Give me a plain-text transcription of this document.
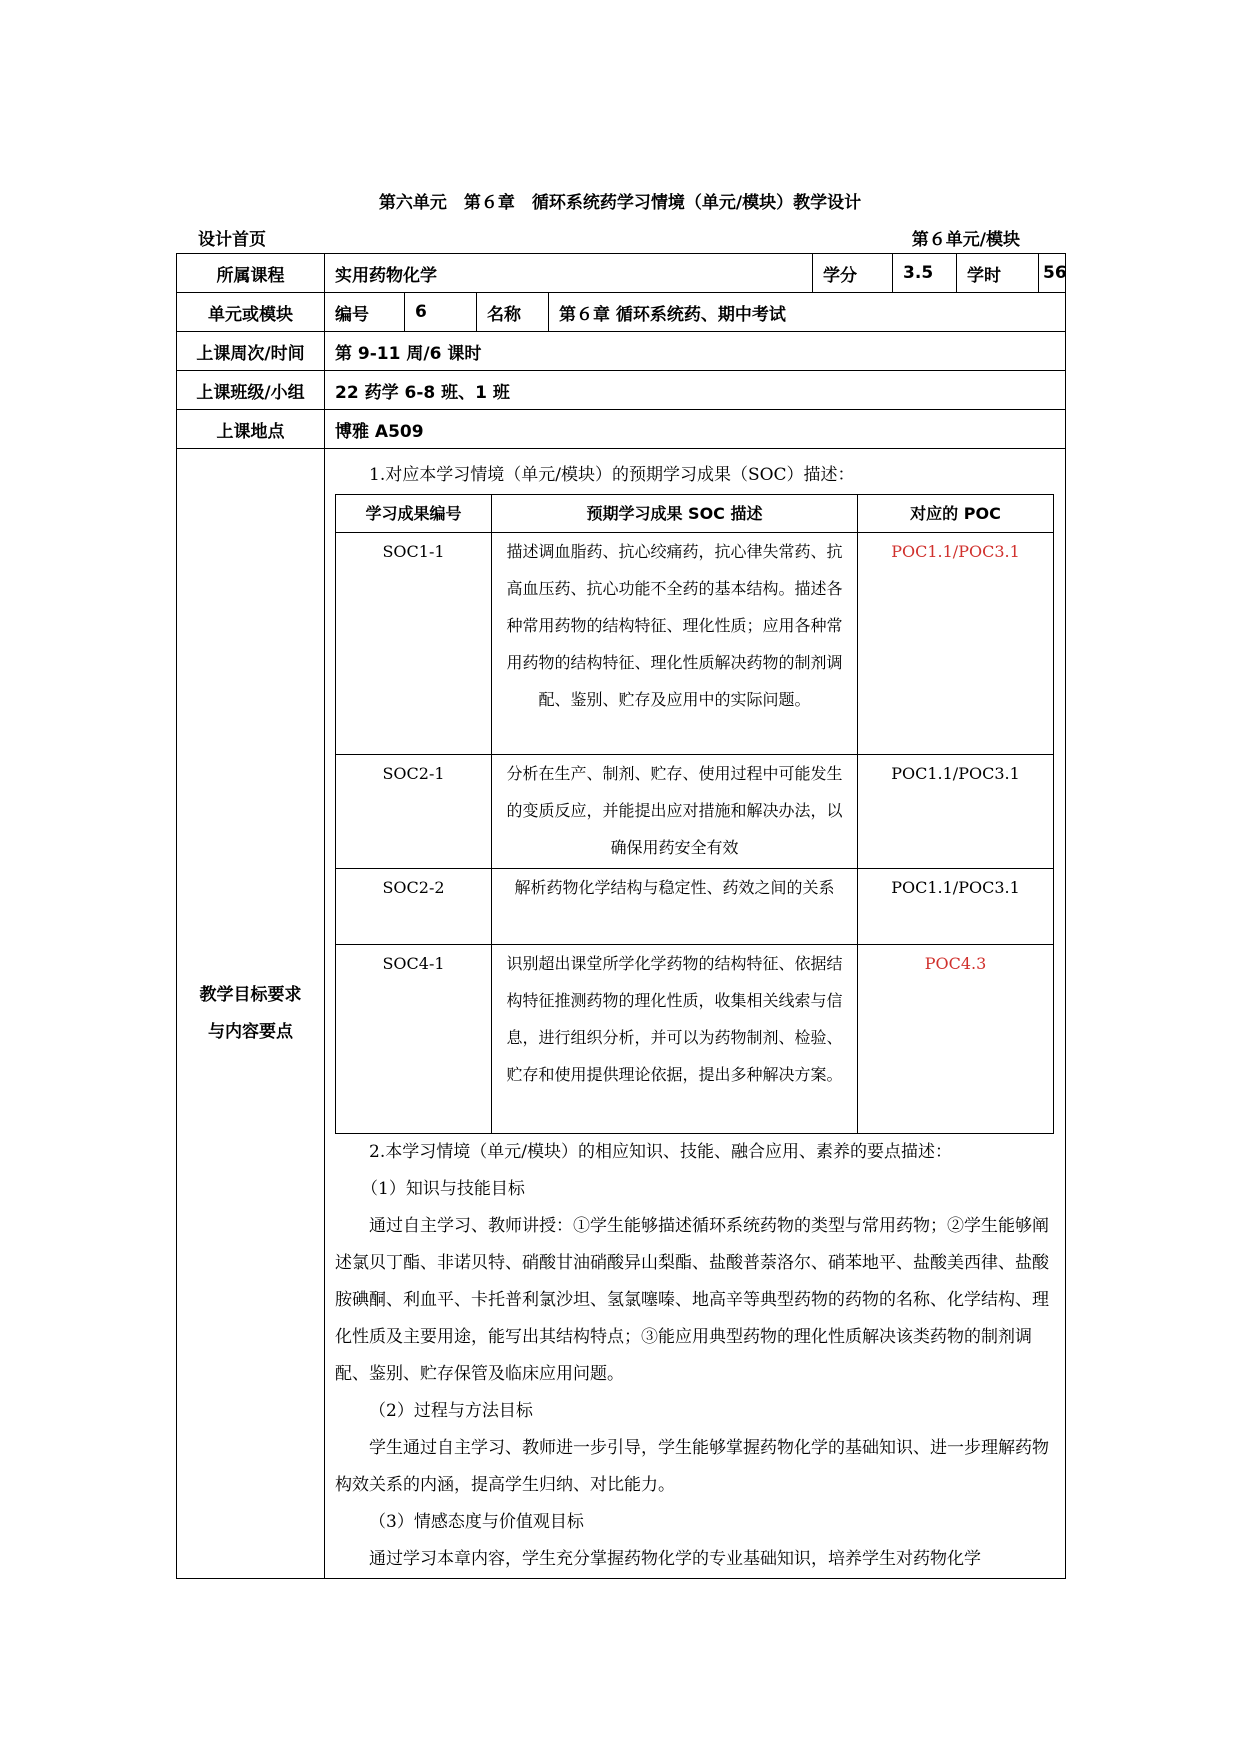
第六单元　第６章　循环系统药学习情境（单元/模块）教学设计
设计首页	第６单元/模块
所属课程	实用药物化学	学分	3.5	学时	56
单元或模块	编号	6	名称	第６章 循环系统药、期中考试
上课周次/时间	第 9-11 周/6 课时
上课班级/小组	22 药学 6-8 班、1 班
上课地点	博雅 A509

教学目标要求
与内容要点

1.对应本学习情境（单元/模块）的预期学习成果（SOC）描述：

学习成果编号	预期学习成果 SOC 描述	对应的 POC
SOC1-1	描述调血脂药、抗心绞痛药，抗心律失常药、抗高血压药、抗心功能不全药的基本结构。描述各种常用药物的结构特征、理化性质；应用各种常用药物的结构特征、理化性质解决药物的制剂调配、鉴别、贮存及应用中的实际问题。	POC1.1/POC3.1
SOC2-1	分析在生产、制剂、贮存、使用过程中可能发生的变质反应，并能提出应对措施和解决办法，以确保用药安全有效	POC1.1/POC3.1
SOC2-2	解析药物化学结构与稳定性、药效之间的关系	POC1.1/POC3.1
SOC4-1	识别超出课堂所学化学药物的结构特征、依据结构特征推测药物的理化性质，收集相关线索与信息，进行组织分析，并可以为药物制剂、检验、贮存和使用提供理论依据，提出多种解决方案。	POC4.3

2.本学习情境（单元/模块）的相应知识、技能、融合应用、素养的要点描述：

（1）知识与技能目标

通过自主学习、教师讲授：①学生能够描述循环系统药物的类型与常用药物；②学生能够阐述氯贝丁酯、非诺贝特、硝酸甘油硝酸异山梨酯、盐酸普萘洛尔、硝苯地平、盐酸美西律、盐酸胺碘酮、利血平、卡托普利氯沙坦、氢氯噻嗪、地高辛等典型药物的药物的名称、化学结构、理化性质及主要用途，能写出其结构特点；③能应用典型药物的理化性质解决该类药物的制剂调配、鉴别、贮存保管及临床应用问题。

（2）过程与方法目标

学生通过自主学习、教师进一步引导，学生能够掌握药物化学的基础知识、进一步理解药物构效关系的内涵，提高学生归纳、对比能力。

（3）情感态度与价值观目标

通过学习本章内容，学生充分掌握药物化学的专业基础知识，培养学生对药物化学
